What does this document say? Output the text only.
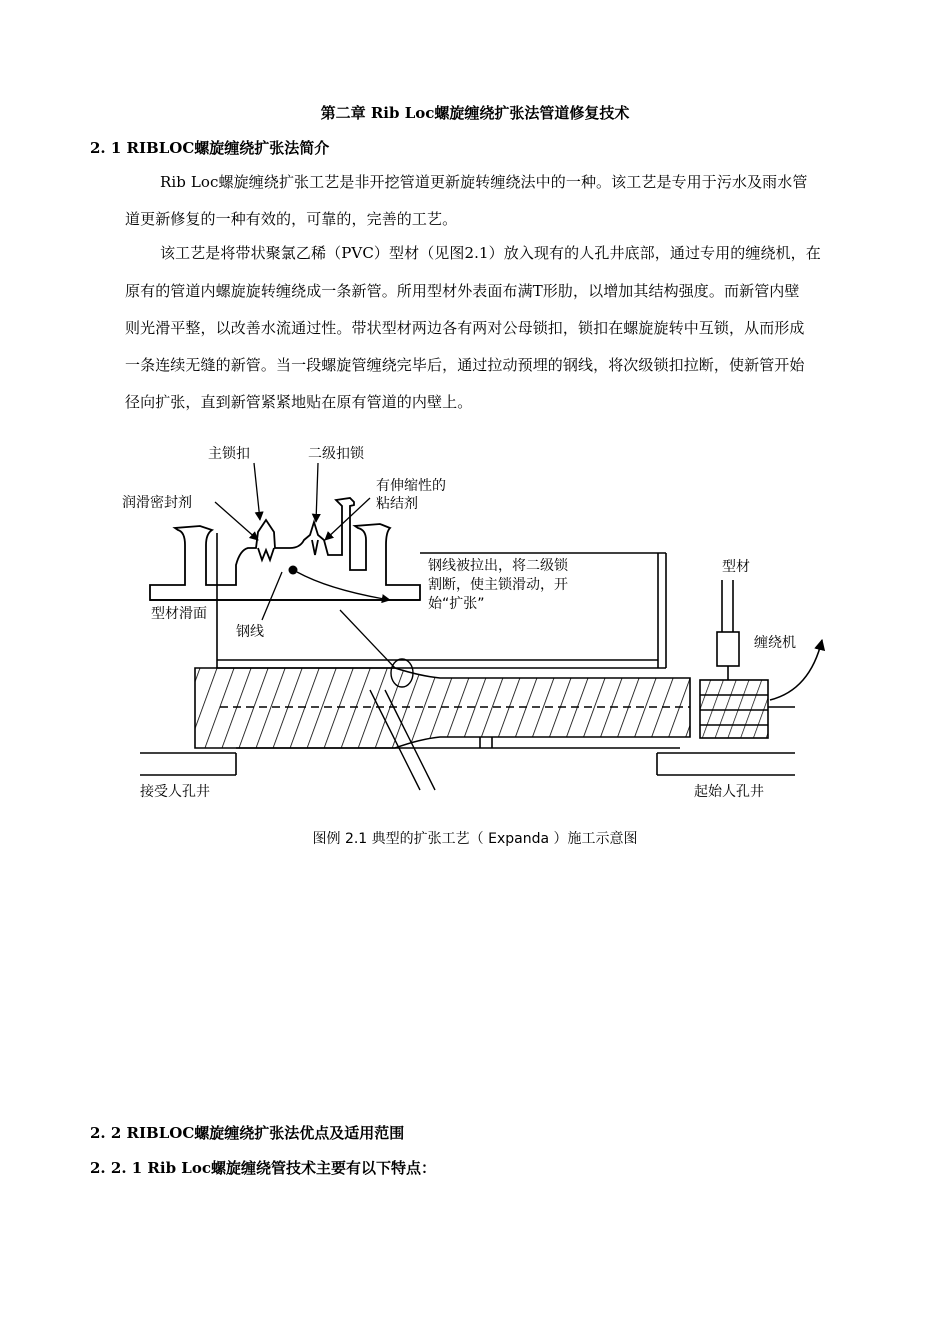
第二章 Rib Loc螺旋缠绕扩张法管道修复技术
2. 1 RIBLOC螺旋缠绕扩张法简介
Rib Loc螺旋缠绕扩张工艺是非开挖管道更新旋转缠绕法中的一种。该工艺是专用于污水及雨水管
道更新修复的一种有效的，可靠的，完善的工艺。
该工艺是将带状聚氯乙稀（PVC）型材（见图2.1）放入现有的人孔井底部，通过专用的缠绕机，在
原有的管道内螺旋旋转缠绕成一条新管。所用型材外表面布满T形肋，以增加其结构强度。而新管内壁
则光滑平整，以改善水流通过性。带状型材两边各有两对公母锁扣，锁扣在螺旋旋转中互锁，从而形成
一条连续无缝的新管。当一段螺旋管缠绕完毕后，通过拉动预埋的钢线，将次级锁扣拉断，使新管开始
径向扩张，直到新管紧紧地贴在原有管道的内壁上。
主锁扣	二级扣锁
润滑密封剂
有伸缩性的
粘结剂
型材滑面
钢线
钢线被拉出，将二级锁
割断，使主锁滑动，开
始“扩张”
型材
缠绕机
接受人孔井	起始人孔井
图例 2.1 典型的扩张工艺（ Expanda ）施工示意图
2. 2 RIBLOC螺旋缠绕扩张法优点及适用范围
2. 2. 1 Rib Loc螺旋缠绕管技术主要有以下特点：
